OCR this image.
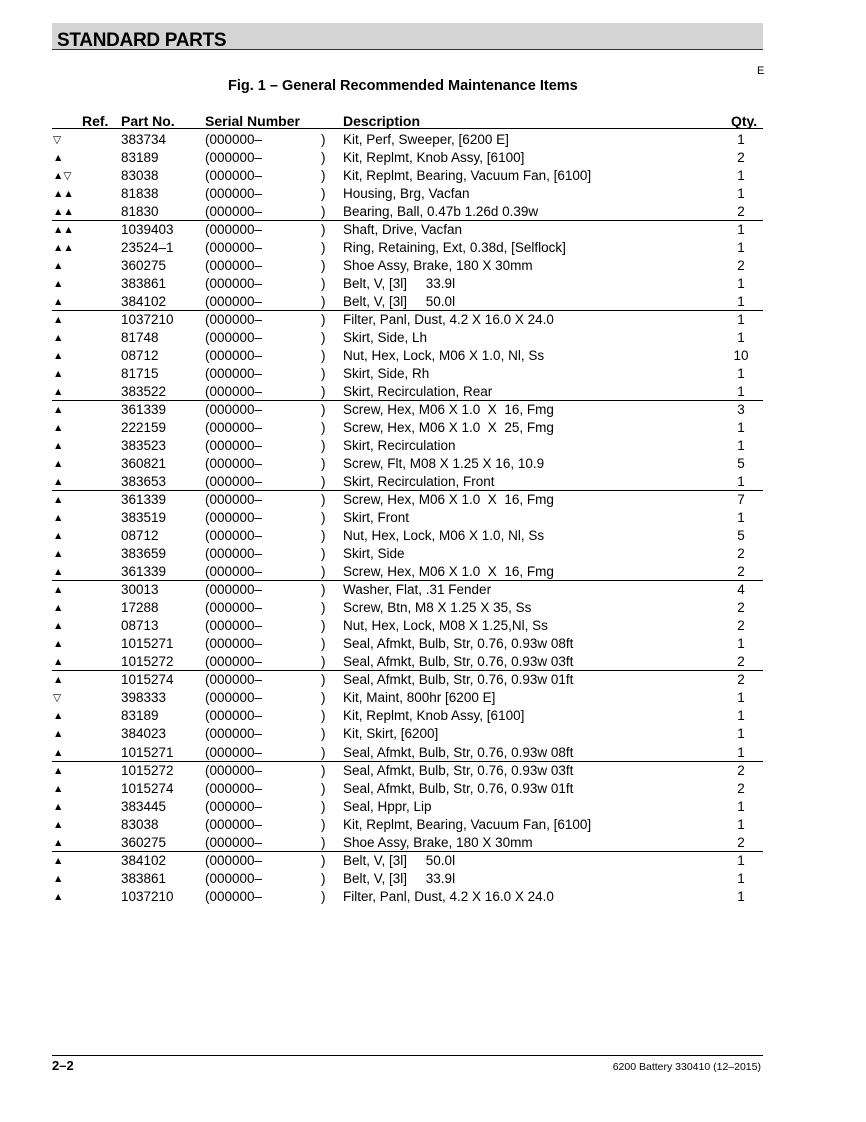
STANDARD PARTS
E
Fig. 1 – General Recommended Maintenance Items
Ref. Part No. Serial Number	Description	Qty.
▽	383734	(000000–	) Kit, Perf, Sweeper, [6200 E]	1
▲	83189	(000000–	) Kit, Replmt, Knob Assy, [6100]	2
▲▽	83038	(000000–	) Kit, Replmt, Bearing, Vacuum Fan, [6100]	1
▲▲	81838	(000000–	) Housing, Brg, Vacfan	1
▲▲	81830	(000000–	) Bearing, Ball, 0.47b 1.26d 0.39w	2
▲▲	1039403 (000000–	) Shaft, Drive, Vacfan	1
▲▲	23524–1 (000000–	) Ring, Retaining, Ext, 0.38d, [Selflock]	1
▲	360275	(000000–	) Shoe Assy, Brake, 180 X 30mm	2
▲	383861	(000000–	) Belt, V, [3l]     33.9l	1
▲	384102	(000000–	) Belt, V, [3l]     50.0l	1
▲	1037210 (000000–	) Filter, Panl, Dust, 4.2 X 16.0 X 24.0	1
▲	81748	(000000–	) Skirt, Side, Lh	1
▲	08712	(000000–	) Nut, Hex, Lock, M06 X 1.0, Nl, Ss	10
▲	81715	(000000–	) Skirt, Side, Rh	1
▲	383522	(000000–	) Skirt, Recirculation, Rear	1
▲	361339	(000000–	) Screw, Hex, M06 X 1.0  X  16, Fmg	3
▲	222159	(000000–	) Screw, Hex, M06 X 1.0  X  25, Fmg	1
▲	383523	(000000–	) Skirt, Recirculation	1
▲	360821	(000000–	) Screw, Flt, M08 X 1.25 X 16, 10.9	5
▲	383653	(000000–	) Skirt, Recirculation, Front	1
▲	361339	(000000–	) Screw, Hex, M06 X 1.0  X  16, Fmg	7
▲	383519	(000000–	) Skirt, Front	1
▲	08712	(000000–	) Nut, Hex, Lock, M06 X 1.0, Nl, Ss	5
▲	383659	(000000–	) Skirt, Side	2
▲	361339	(000000–	) Screw, Hex, M06 X 1.0  X  16, Fmg	2
▲	30013	(000000–	) Washer, Flat, .31 Fender	4
▲	17288	(000000–	) Screw, Btn, M8 X 1.25 X 35, Ss	2
▲	08713	(000000–	) Nut, Hex, Lock, M08 X 1.25,Nl, Ss	2
▲	1015271 (000000–	) Seal, Afmkt, Bulb, Str, 0.76, 0.93w 08ft	1
▲	1015272 (000000–	) Seal, Afmkt, Bulb, Str, 0.76, 0.93w 03ft	2
▲	1015274 (000000–	) Seal, Afmkt, Bulb, Str, 0.76, 0.93w 01ft	2
▽	398333	(000000–	) Kit, Maint, 800hr [6200 E]	1
▲	83189	(000000–	) Kit, Replmt, Knob Assy, [6100]	1
▲	384023	(000000–	) Kit, Skirt, [6200]	1
▲	1015271 (000000–	) Seal, Afmkt, Bulb, Str, 0.76, 0.93w 08ft	1
▲	1015272 (000000–	) Seal, Afmkt, Bulb, Str, 0.76, 0.93w 03ft	2
▲	1015274 (000000–	) Seal, Afmkt, Bulb, Str, 0.76, 0.93w 01ft	2
▲	383445	(000000–	) Seal, Hppr, Lip	1
▲	83038	(000000–	) Kit, Replmt, Bearing, Vacuum Fan, [6100]	1
▲	360275	(000000–	) Shoe Assy, Brake, 180 X 30mm	2
▲	384102	(000000–	) Belt, V, [3l]     50.0l	1
▲	383861	(000000–	) Belt, V, [3l]     33.9l	1
▲	1037210 (000000–	) Filter, Panl, Dust, 4.2 X 16.0 X 24.0	1
2–2	6200 Battery 330410 (12–2015)
